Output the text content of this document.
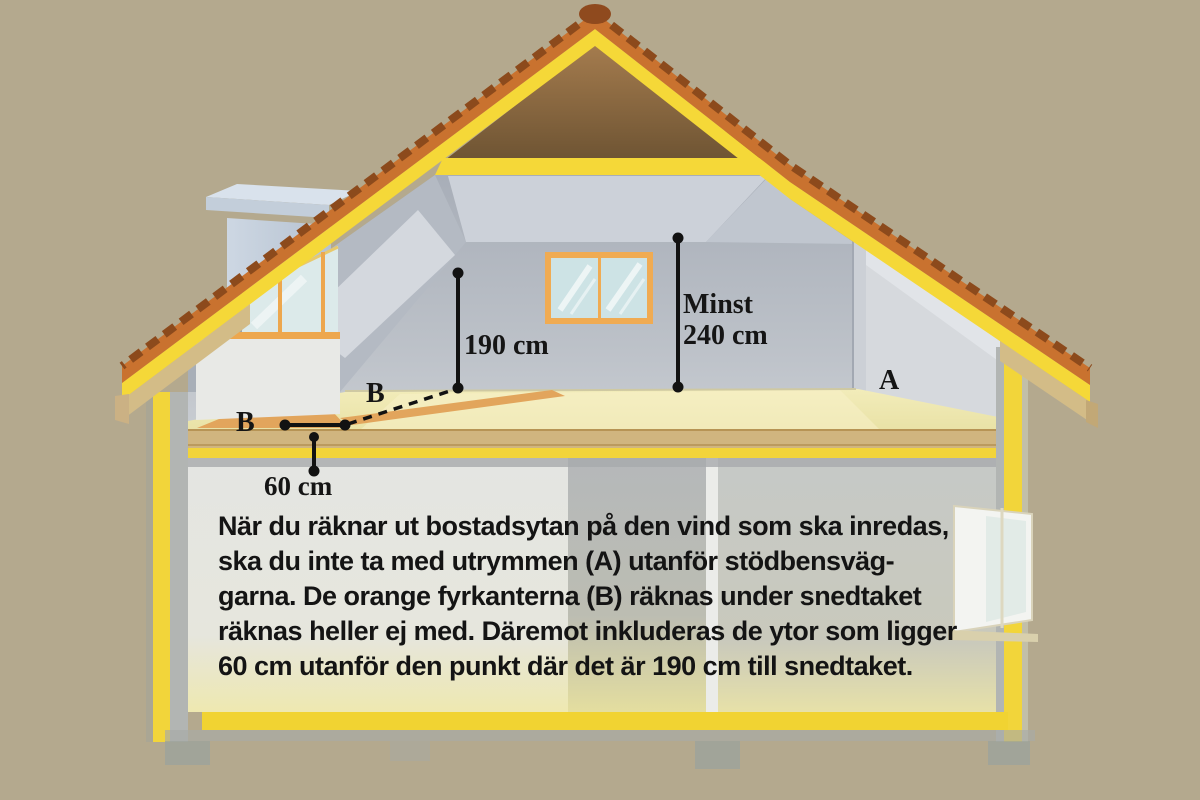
B
B	A
190 cm
Minst
240 cm
60 cm
När du räknar ut bostadsytan på den vind som ska inredas,
ska du inte ta med utrymmen (A) utanför stödbensväg-
garna. De orange fyrkanterna (B) räknas under snedtaket
räknas heller ej med. Däremot inkluderas de ytor som ligger
60 cm utanför den punkt där det är 190 cm till snedtaket.
